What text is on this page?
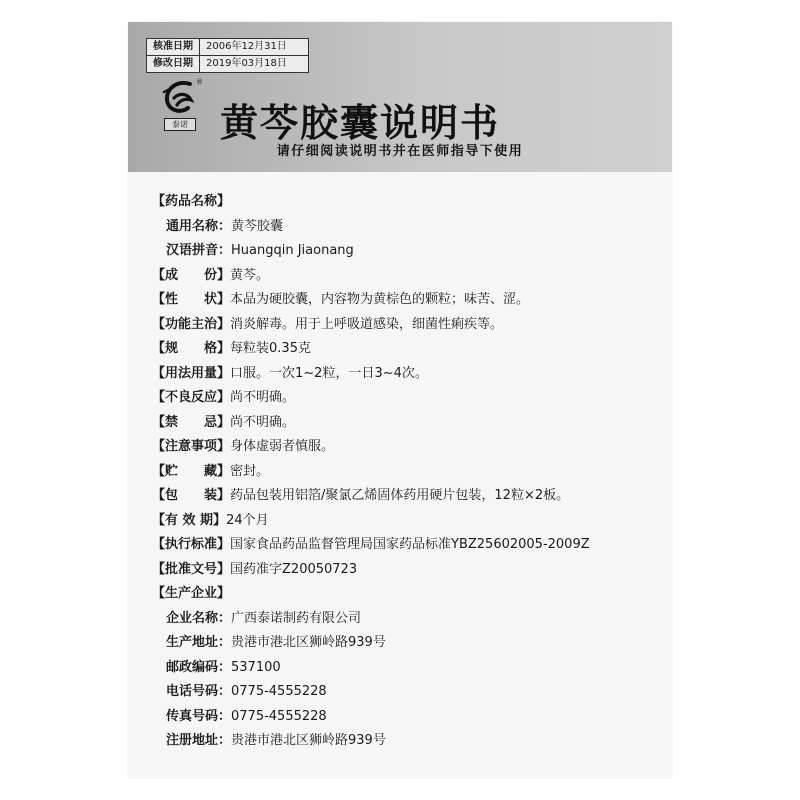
核准日期	2006年12月31日
修改日期	2019年03月18日
®
泰诺 黄芩胶囊说明书
请仔细阅读说明书并在医师指导下使用
【药品名称】
通用名称：黄芩胶囊
汉语拼音：Huangqin Jiaonang
【成　　份】黄芩。
【性　　状】本品为硬胶囊，内容物为黄棕色的颗粒；味苦、涩。
【功能主治】消炎解毒。用于上呼吸道感染，细菌性痢疾等。
【规　　格】每粒装0.35克
【用法用量】口服。一次1~2粒，一日3~4次。
【不良反应】尚不明确。
【禁　　忌】尚不明确。
【注意事项】身体虚弱者慎服。
【贮　　藏】密封。
【包　　装】药品包装用铝箔/聚氯乙烯固体药用硬片包装，12粒×2板。
【有 效 期】24个月
【执行标准】国家食品药品监督管理局国家药品标准YBZ25602005-2009Z
【批准文号】国药准字Z20050723
【生产企业】
企业名称：广西泰诺制药有限公司
生产地址：贵港市港北区狮岭路939号
邮政编码：537100
电话号码：0775-4555228
传真号码：0775-4555228
注册地址：贵港市港北区狮岭路939号
